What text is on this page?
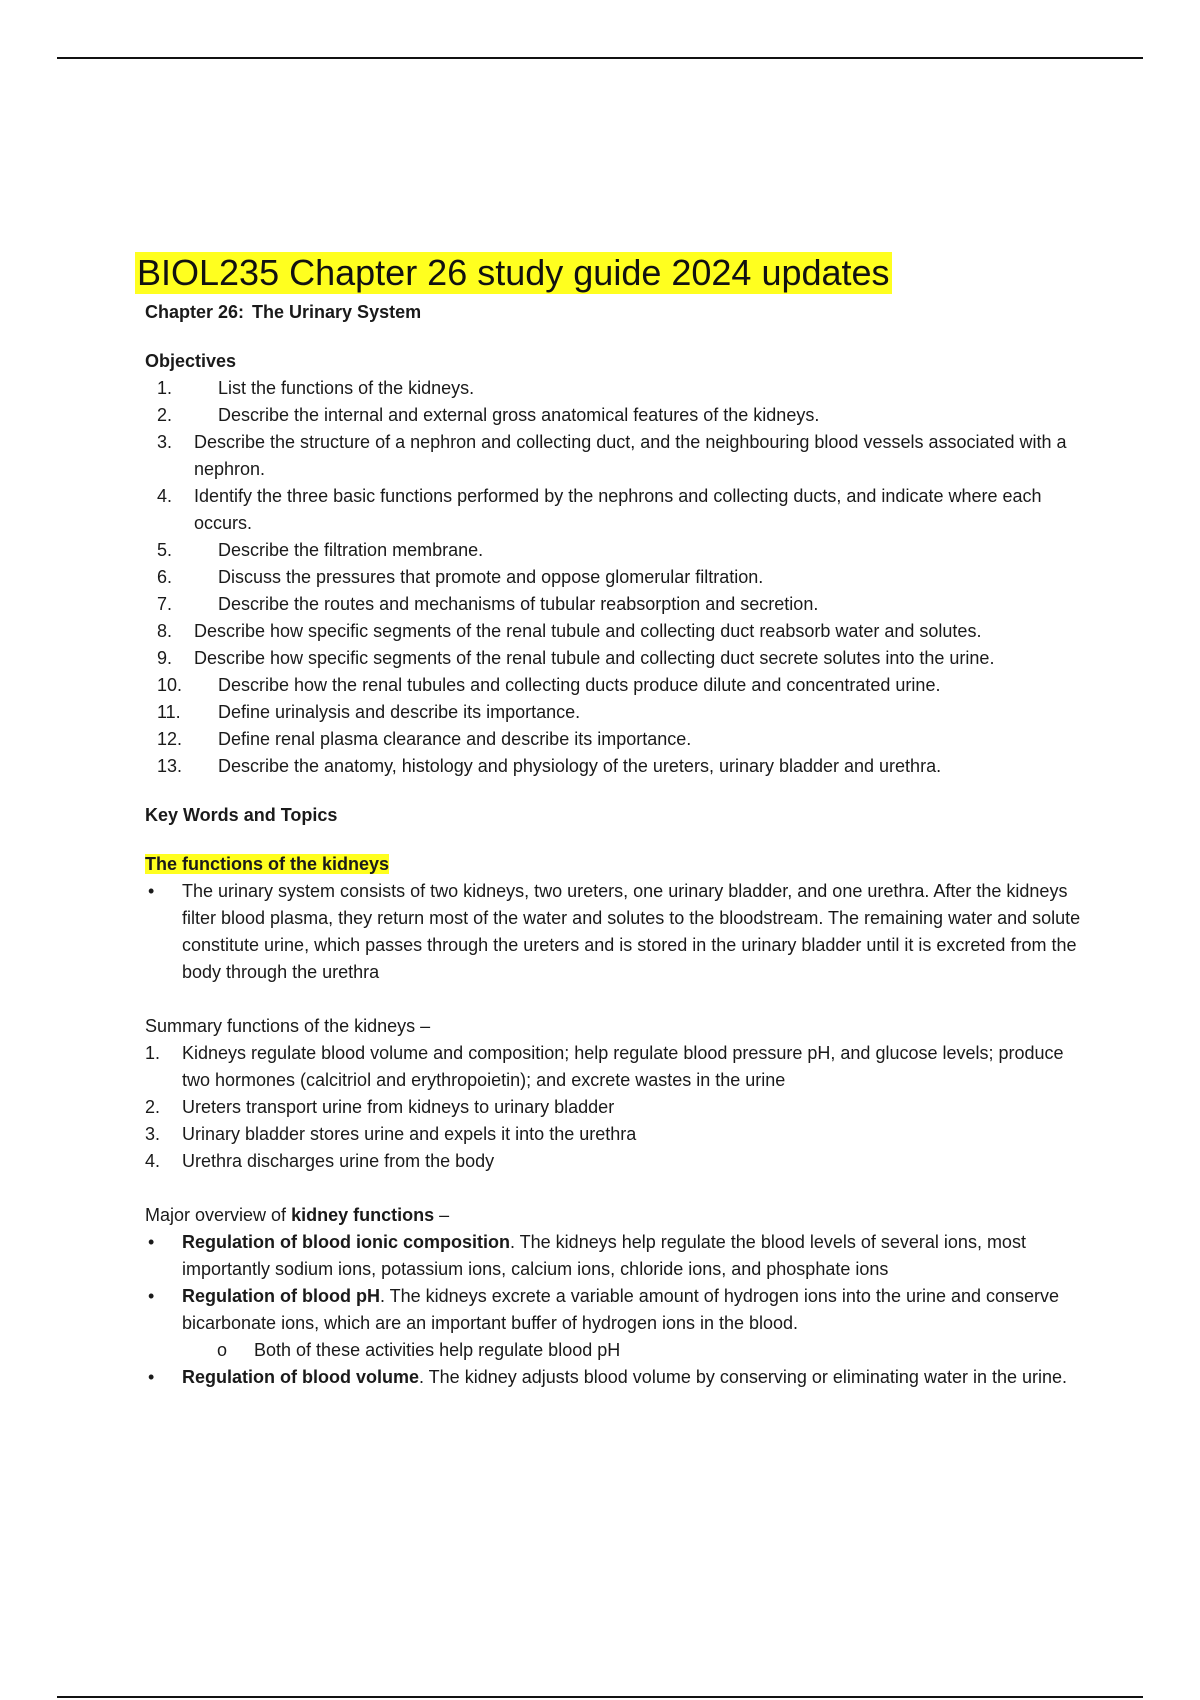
BIOL235 Chapter 26 study guide 2024 updates
Chapter 26: The Urinary System
Objectives
1.	List the functions of the kidneys.
2.	Describe the internal and external gross anatomical features of the kidneys.
3. Describe the structure of a nephron and collecting duct, and the neighbouring blood vessels associated with a nephron.
4. Identify the three basic functions performed by the nephrons and collecting ducts, and indicate where each occurs.
5.	Describe the filtration membrane.
6.	Discuss the pressures that promote and oppose glomerular filtration.
7.	Describe the routes and mechanisms of tubular reabsorption and secretion.
8. Describe how specific segments of the renal tubule and collecting duct reabsorb water and solutes.
9. Describe how specific segments of the renal tubule and collecting duct secrete solutes into the urine.
10. Describe how the renal tubules and collecting ducts produce dilute and concentrated urine.
11. Define urinalysis and describe its importance.
12. Define renal plasma clearance and describe its importance.
13. Describe the anatomy, histology and physiology of the ureters, urinary bladder and urethra.
Key Words and Topics
The functions of the kidneys
• The urinary system consists of two kidneys, two ureters, one urinary bladder, and one urethra. After the kidneys filter blood plasma, they return most of the water and solutes to the bloodstream. The remaining water and solute constitute urine, which passes through the ureters and is stored in the urinary bladder until it is excreted from the body through the urethra
Summary functions of the kidneys –
1. Kidneys regulate blood volume and composition; help regulate blood pressure pH, and glucose levels; produce two hormones (calcitriol and erythropoietin); and excrete wastes in the urine
2. Ureters transport urine from kidneys to urinary bladder
3. Urinary bladder stores urine and expels it into the urethra
4. Urethra discharges urine from the body
Major overview of kidney functions –
• Regulation of blood ionic composition. The kidneys help regulate the blood levels of several ions, most importantly sodium ions, potassium ions, calcium ions, chloride ions, and phosphate ions
• Regulation of blood pH. The kidneys excrete a variable amount of hydrogen ions into the urine and conserve bicarbonate ions, which are an important buffer of hydrogen ions in the blood.
o Both of these activities help regulate blood pH
• Regulation of blood volume. The kidney adjusts blood volume by conserving or eliminating water in the urine.
